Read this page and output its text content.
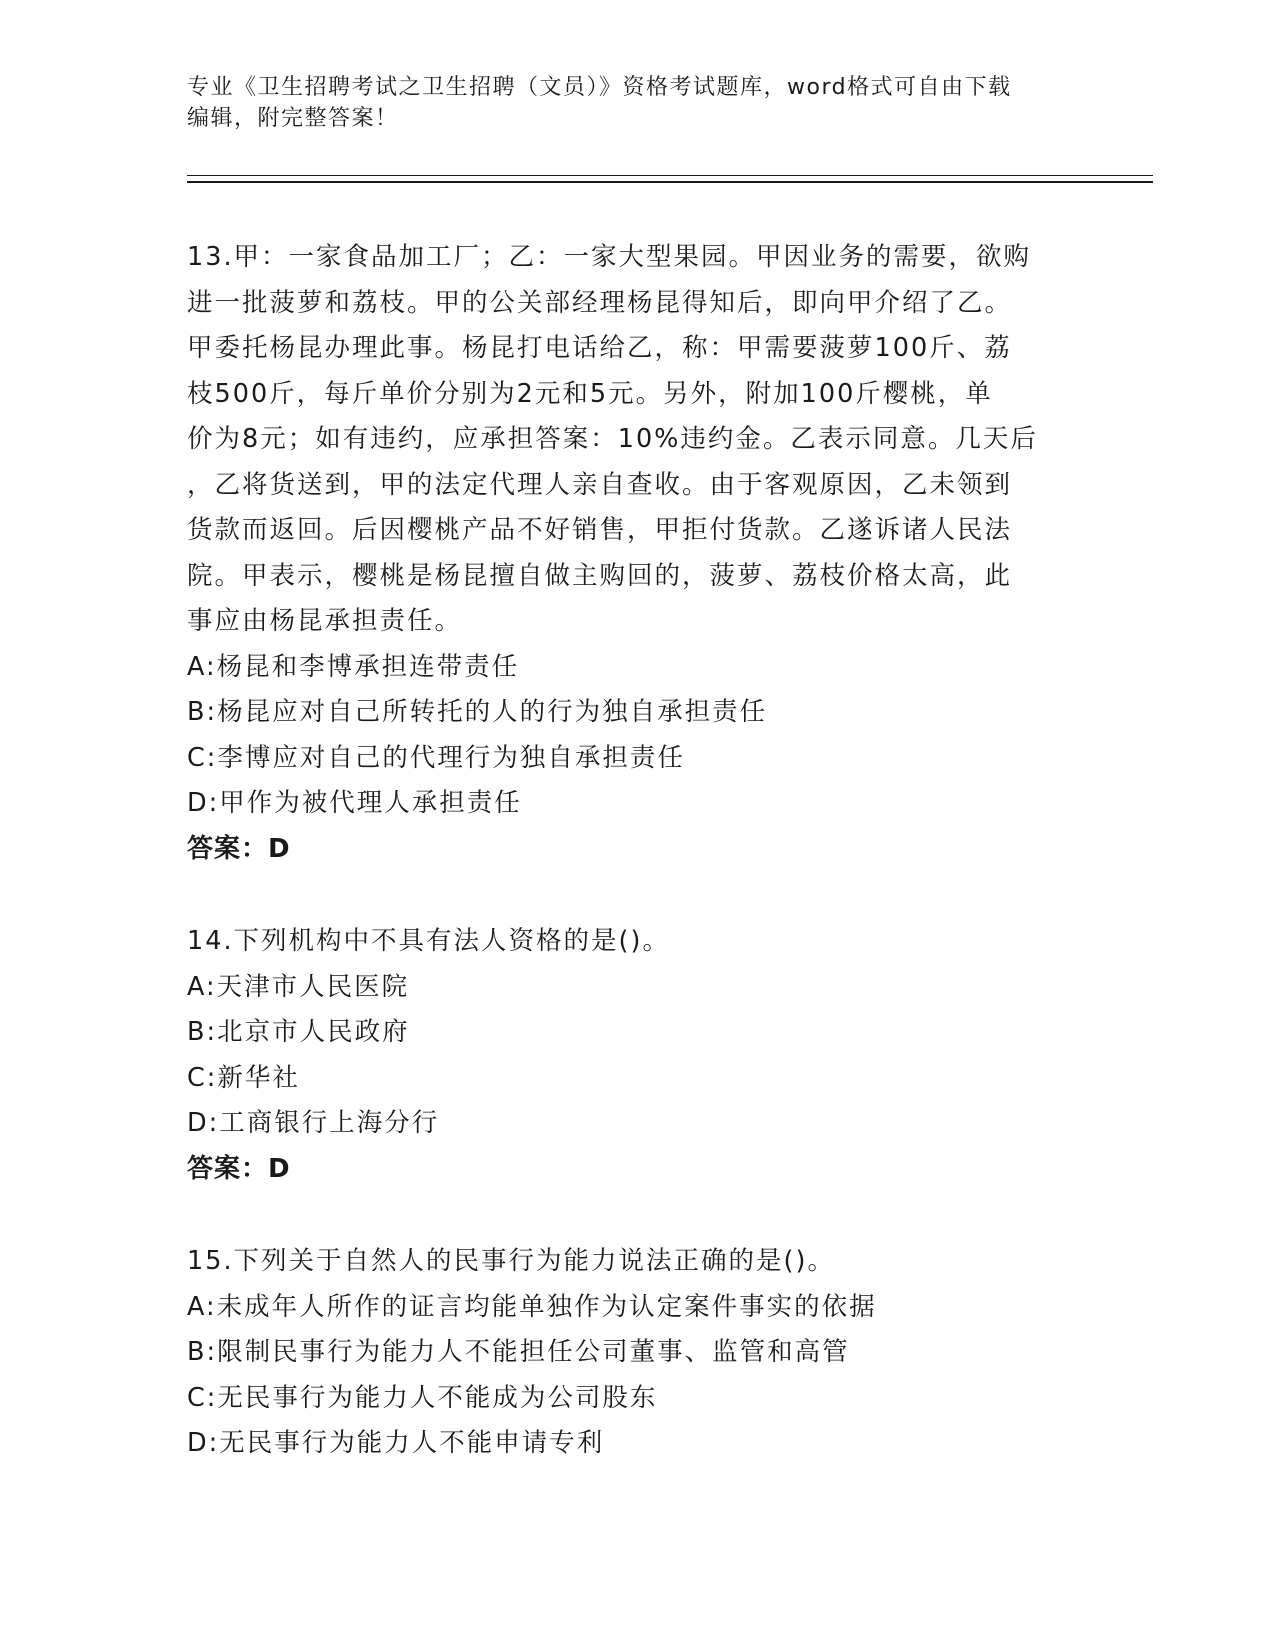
专业《卫生招聘考试之卫生招聘（文员）》资格考试题库，word格式可自由下载
编辑，附完整答案！
13.甲：一家食品加工厂；乙：一家大型果园。甲因业务的需要，欲购
进一批菠萝和荔枝。甲的公关部经理杨昆得知后，即向甲介绍了乙。
甲委托杨昆办理此事。杨昆打电话给乙，称：甲需要菠萝100斤、荔
枝500斤，每斤单价分别为2元和5元。另外，附加100斤樱桃，单
价为8元；如有违约，应承担答案：10%违约金。乙表示同意。几天后
，乙将货送到，甲的法定代理人亲自查收。由于客观原因，乙未领到
货款而返回。后因樱桃产品不好销售，甲拒付货款。乙遂诉诸人民法
院。甲表示，樱桃是杨昆擅自做主购回的，菠萝、荔枝价格太高，此
事应由杨昆承担责任。
A:杨昆和李博承担连带责任
B:杨昆应对自己所转托的人的行为独自承担责任
C:李博应对自己的代理行为独自承担责任
D:甲作为被代理人承担责任
答案：D
14.下列机构中不具有法人资格的是()。
A:天津市人民医院
B:北京市人民政府
C:新华社
D:工商银行上海分行
答案：D
15.下列关于自然人的民事行为能力说法正确的是()。
A:未成年人所作的证言均能单独作为认定案件事实的依据
B:限制民事行为能力人不能担任公司董事、监管和高管
C:无民事行为能力人不能成为公司股东
D:无民事行为能力人不能申请专利
